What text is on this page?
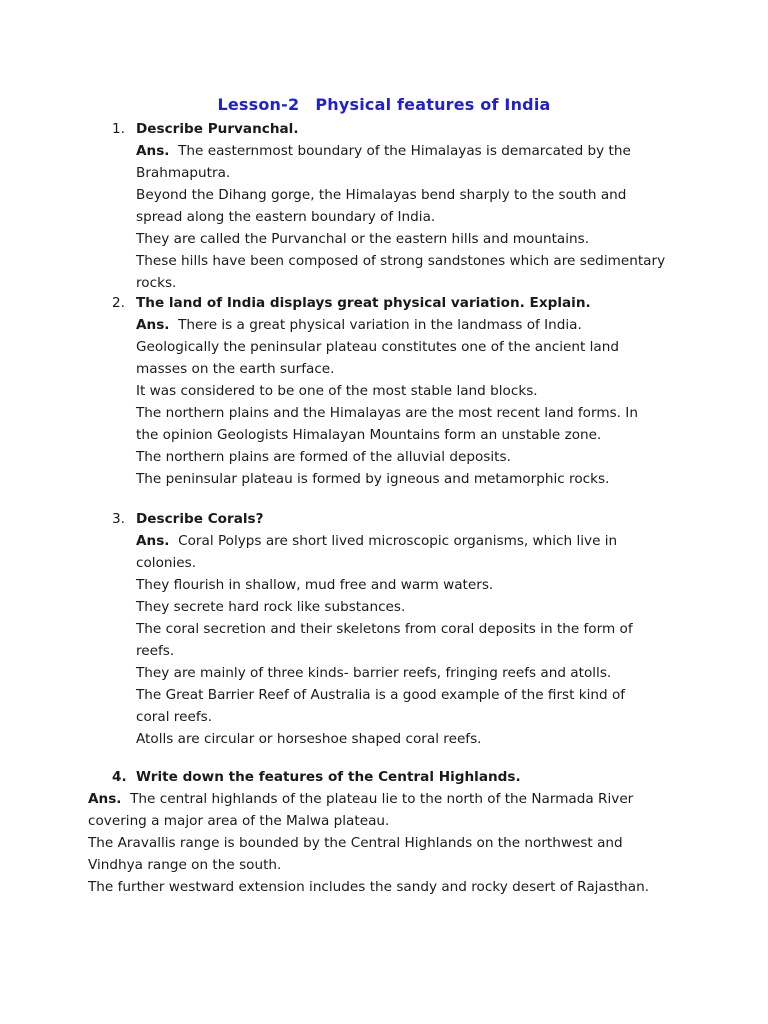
Lesson-2 Physical features of India
1. Describe Purvanchal.
Ans. The easternmost boundary of the Himalayas is demarcated by the
Brahmaputra.
Beyond the Dihang gorge, the Himalayas bend sharply to the south and
spread along the eastern boundary of India.
They are called the Purvanchal or the eastern hills and mountains.
These hills have been composed of strong sandstones which are sedimentary
rocks.
2. The land of India displays great physical variation. Explain.
Ans. There is a great physical variation in the landmass of India.
Geologically the peninsular plateau constitutes one of the ancient land
masses on the earth surface.
It was considered to be one of the most stable land blocks.
The northern plains and the Himalayas are the most recent land forms. In
the opinion Geologists Himalayan Mountains form an unstable zone.
The northern plains are formed of the alluvial deposits.
The peninsular plateau is formed by igneous and metamorphic rocks.
3. Describe Corals?
Ans. Coral Polyps are short lived microscopic organisms, which live in
colonies.
They flourish in shallow, mud free and warm waters.
They secrete hard rock like substances.
The coral secretion and their skeletons from coral deposits in the form of
reefs.
They are mainly of three kinds- barrier reefs, fringing reefs and atolls.
The Great Barrier Reef of Australia is a good example of the first kind of
coral reefs.
Atolls are circular or horseshoe shaped coral reefs.
4. Write down the features of the Central Highlands.
Ans. The central highlands of the plateau lie to the north of the Narmada River
covering a major area of the Malwa plateau.
The Aravallis range is bounded by the Central Highlands on the northwest and
Vindhya range on the south.
The further westward extension includes the sandy and rocky desert of Rajasthan.
